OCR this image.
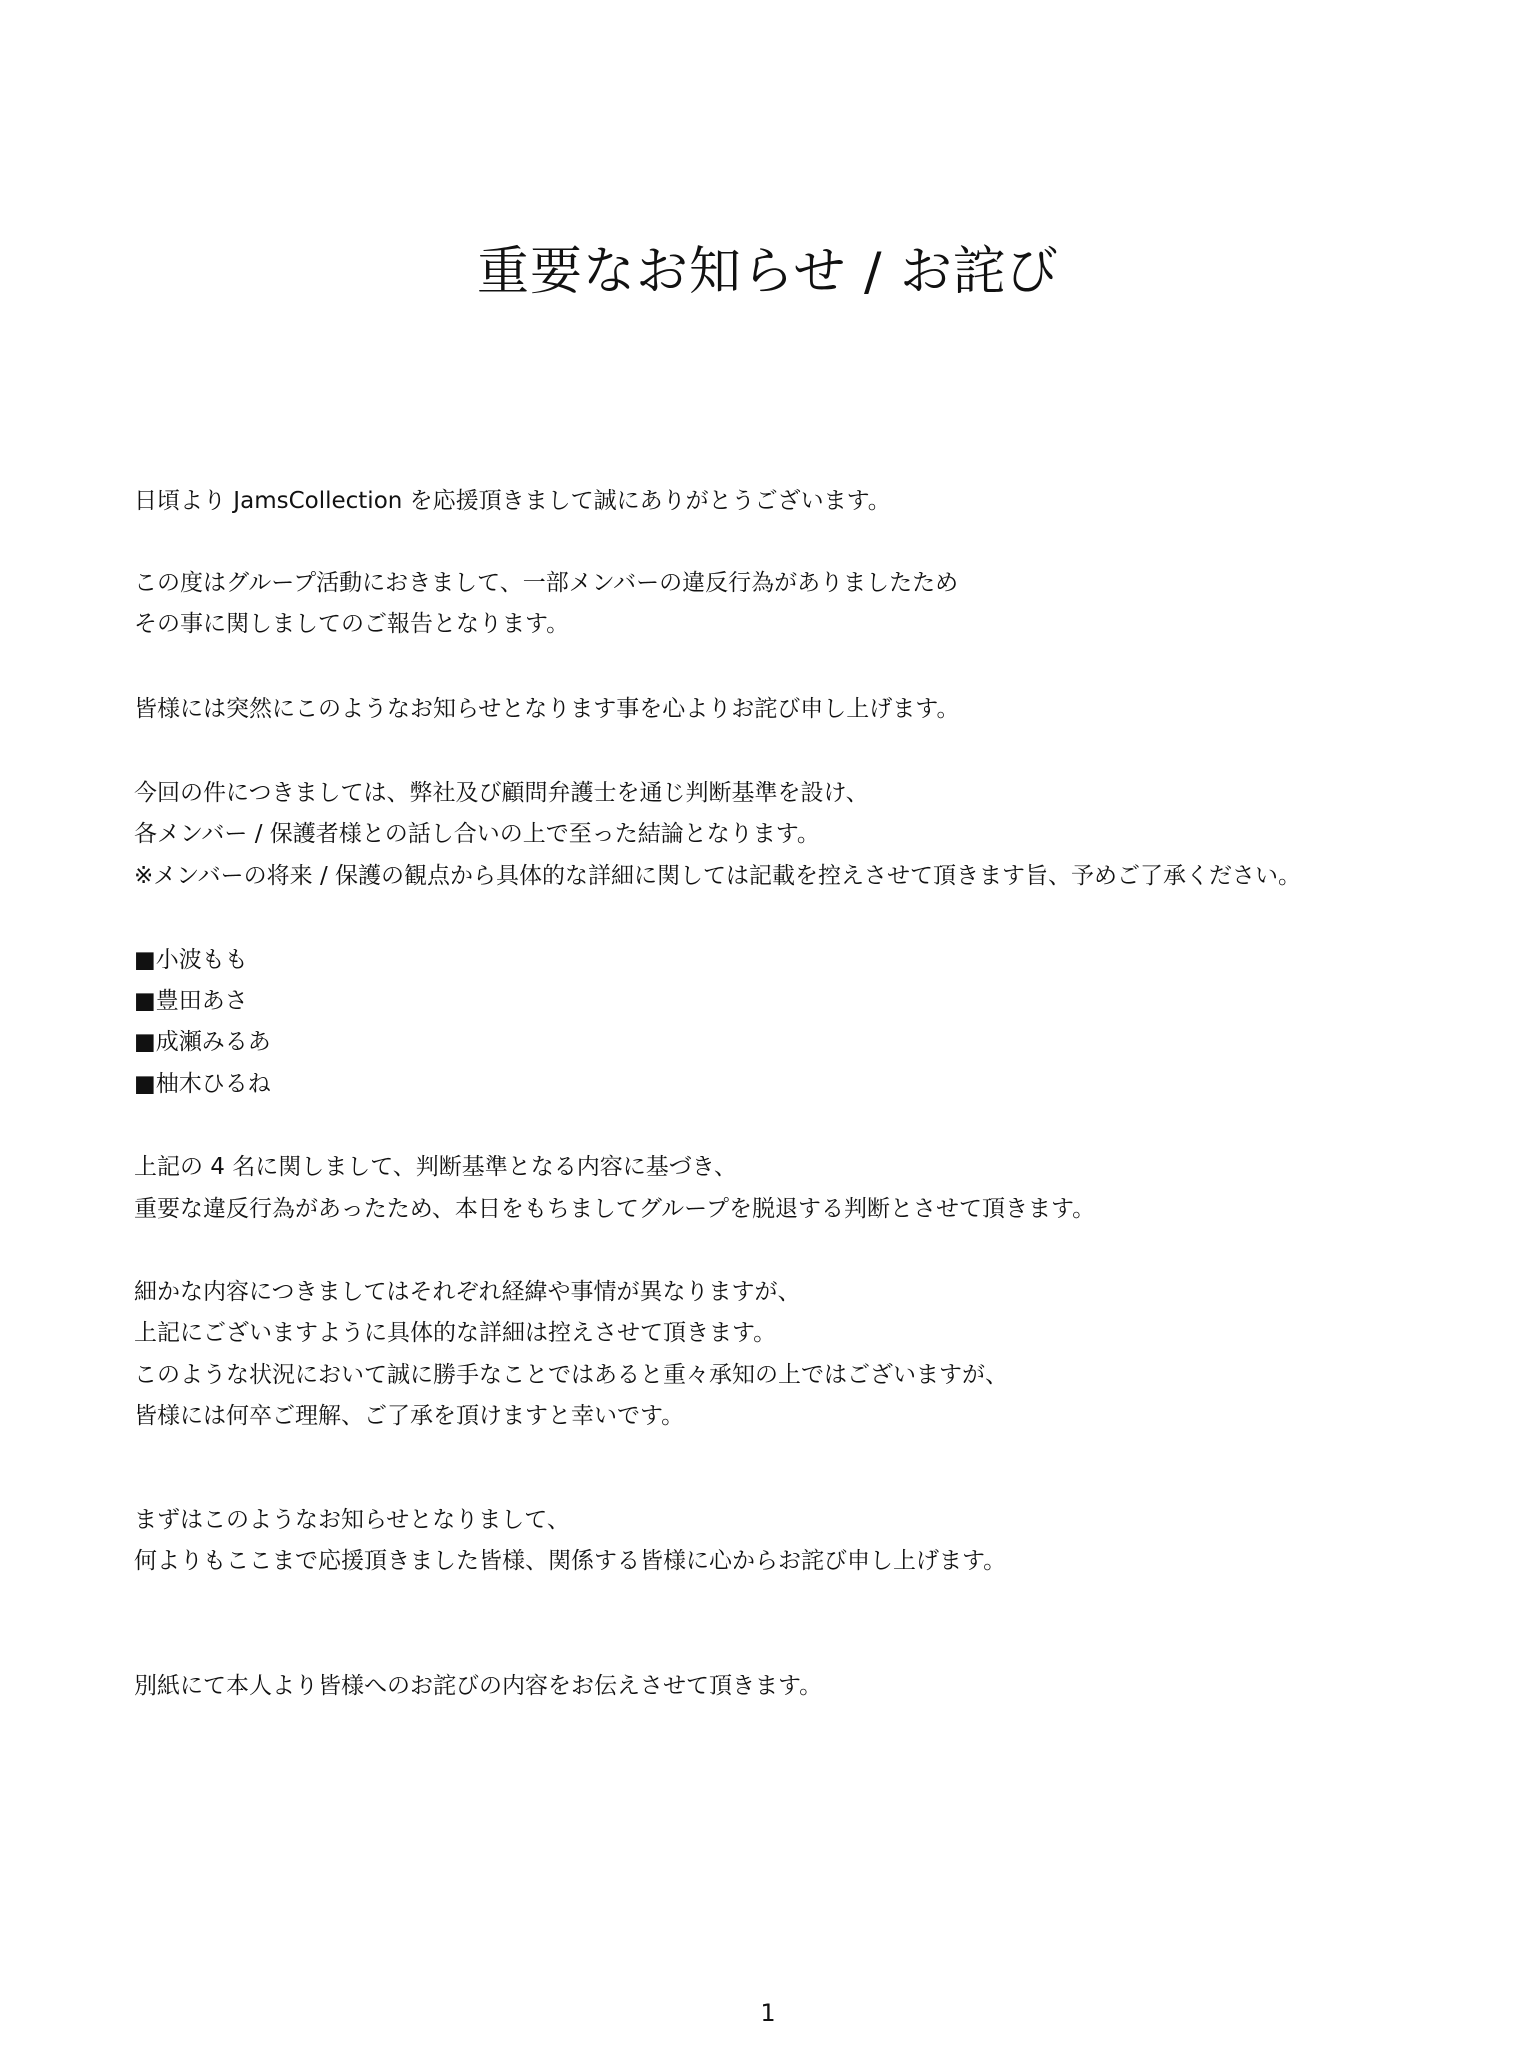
重要なお知らせ / お詫び
日頃より JamsCollection を応援頂きまして誠にありがとうございます。
この度はグループ活動におきまして、一部メンバーの違反行為がありましたため
その事に関しましてのご報告となります。
皆様には突然にこのようなお知らせとなります事を心よりお詫び申し上げます。
今回の件につきましては、弊社及び顧問弁護士を通じ判断基準を設け、
各メンバー / 保護者様との話し合いの上で至った結論となります。
※メンバーの将来 / 保護の観点から具体的な詳細に関しては記載を控えさせて頂きます旨、予めご了承ください。
■小波もも
■豊田あさ
■成瀬みるあ
■柚木ひるね
上記の 4 名に関しまして、判断基準となる内容に基づき、
重要な違反行為があったため、本日をもちましてグループを脱退する判断とさせて頂きます。
細かな内容につきましてはそれぞれ経緯や事情が異なりますが、
上記にございますように具体的な詳細は控えさせて頂きます。
このような状況において誠に勝手なことではあると重々承知の上ではございますが、
皆様には何卒ご理解、ご了承を頂けますと幸いです。
まずはこのようなお知らせとなりまして、
何よりもここまで応援頂きました皆様、関係する皆様に心からお詫び申し上げます。
別紙にて本人より皆様へのお詫びの内容をお伝えさせて頂きます。
1
